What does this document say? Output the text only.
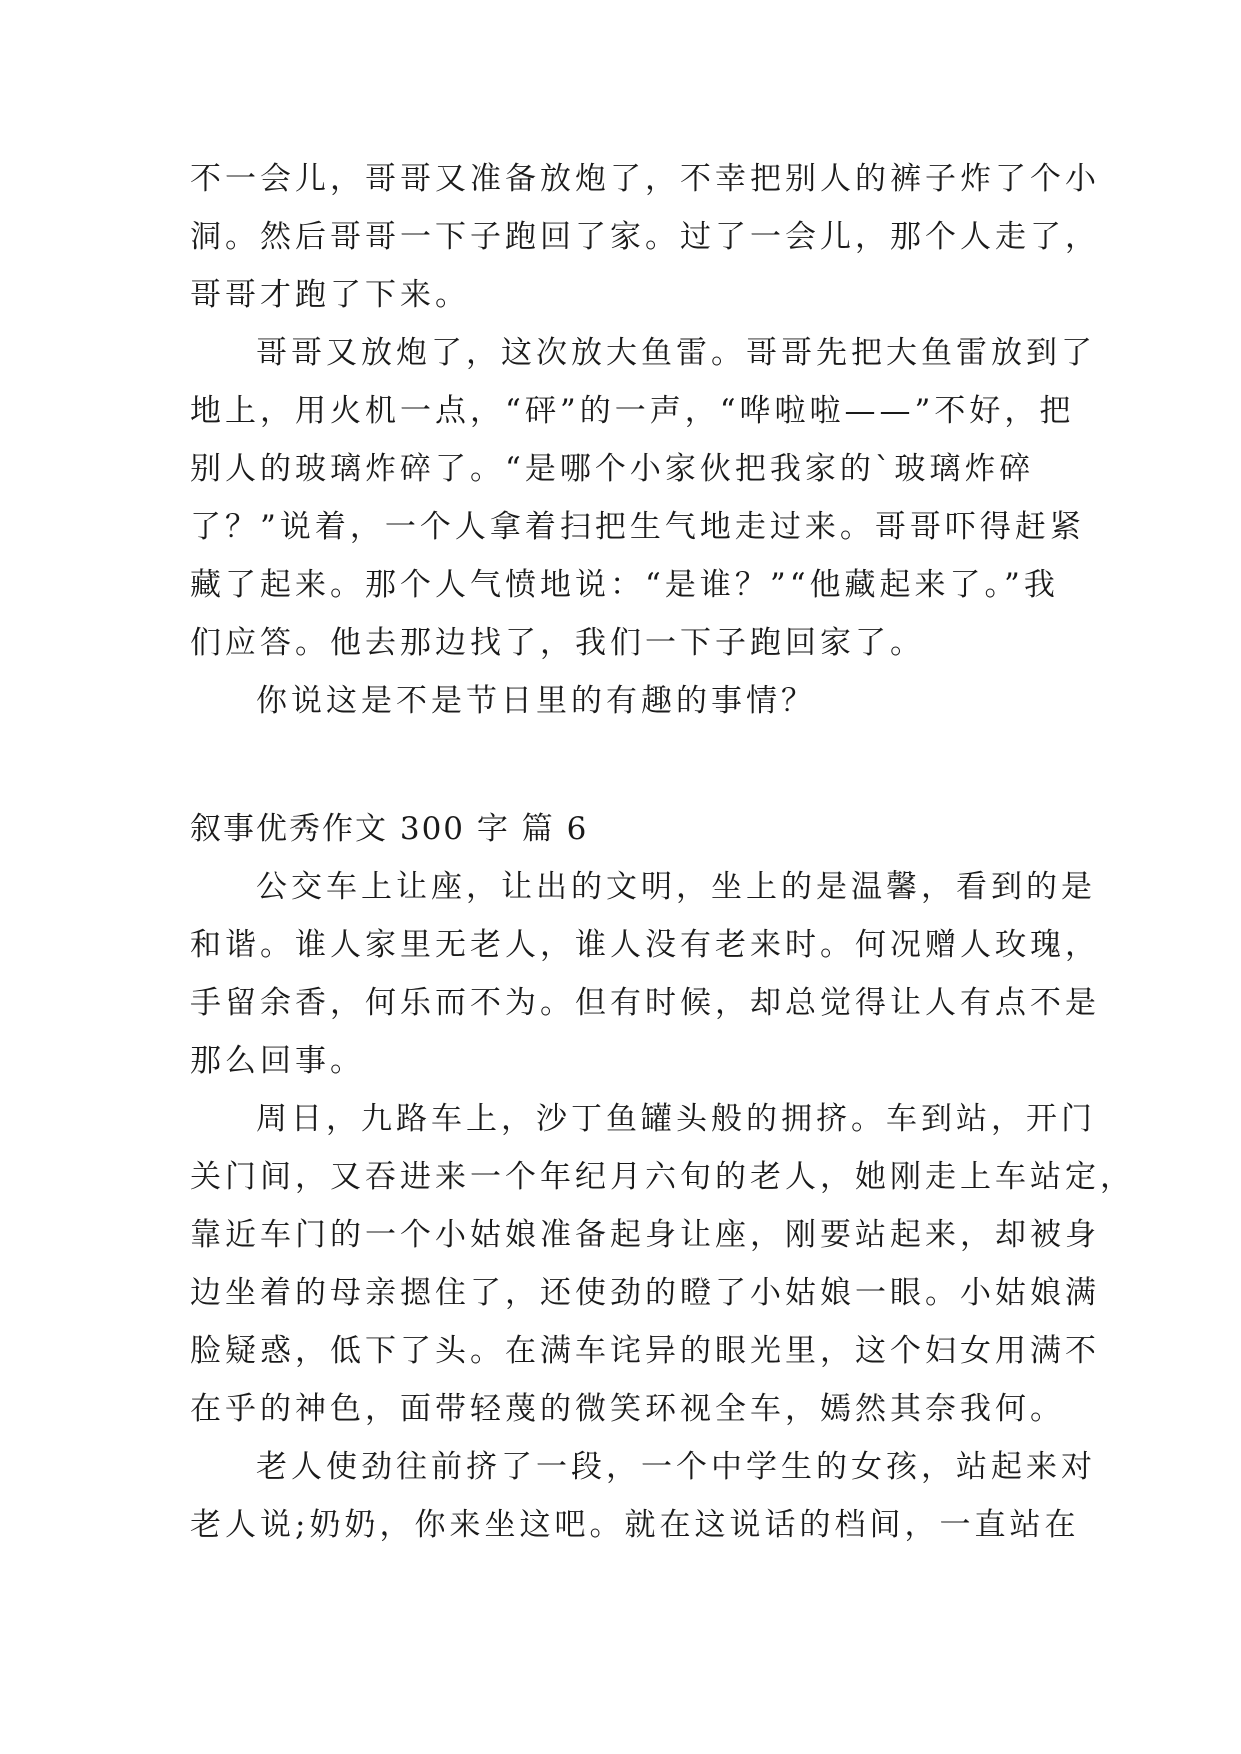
不一会儿，哥哥又准备放炮了，不幸把别人的裤子炸了个小
洞。然后哥哥一下子跑回了家。过了一会儿，那个人走了，
哥哥才跑了下来。
哥哥又放炮了，这次放大鱼雷。哥哥先把大鱼雷放到了
地上，用火机一点，“砰”的一声，“哗啦啦——”不好，把
别人的玻璃炸碎了。“是哪个小家伙把我家的`玻璃炸碎
了？”说着，一个人拿着扫把生气地走过来。哥哥吓得赶紧
藏了起来。那个人气愤地说：“是谁？”“他藏起来了。”我
们应答。他去那边找了，我们一下子跑回家了。
你说这是不是节日里的有趣的事情？
叙事优秀作文 300 字 篇 6
公交车上让座，让出的文明，坐上的是温馨，看到的是
和谐。谁人家里无老人，谁人没有老来时。何况赠人玫瑰，
手留余香，何乐而不为。但有时候，却总觉得让人有点不是
那么回事。
周日，九路车上，沙丁鱼罐头般的拥挤。车到站，开门
关门间，又吞进来一个年纪月六旬的老人，她刚走上车站定，
靠近车门的一个小姑娘准备起身让座，刚要站起来，却被身
边坐着的母亲摁住了，还使劲的瞪了小姑娘一眼。小姑娘满
脸疑惑，低下了头。在满车诧异的眼光里，这个妇女用满不
在乎的神色，面带轻蔑的微笑环视全车，嫣然其奈我何。
老人使劲往前挤了一段，一个中学生的女孩，站起来对
老人说;奶奶，你来坐这吧。就在这说话的档间，一直站在
